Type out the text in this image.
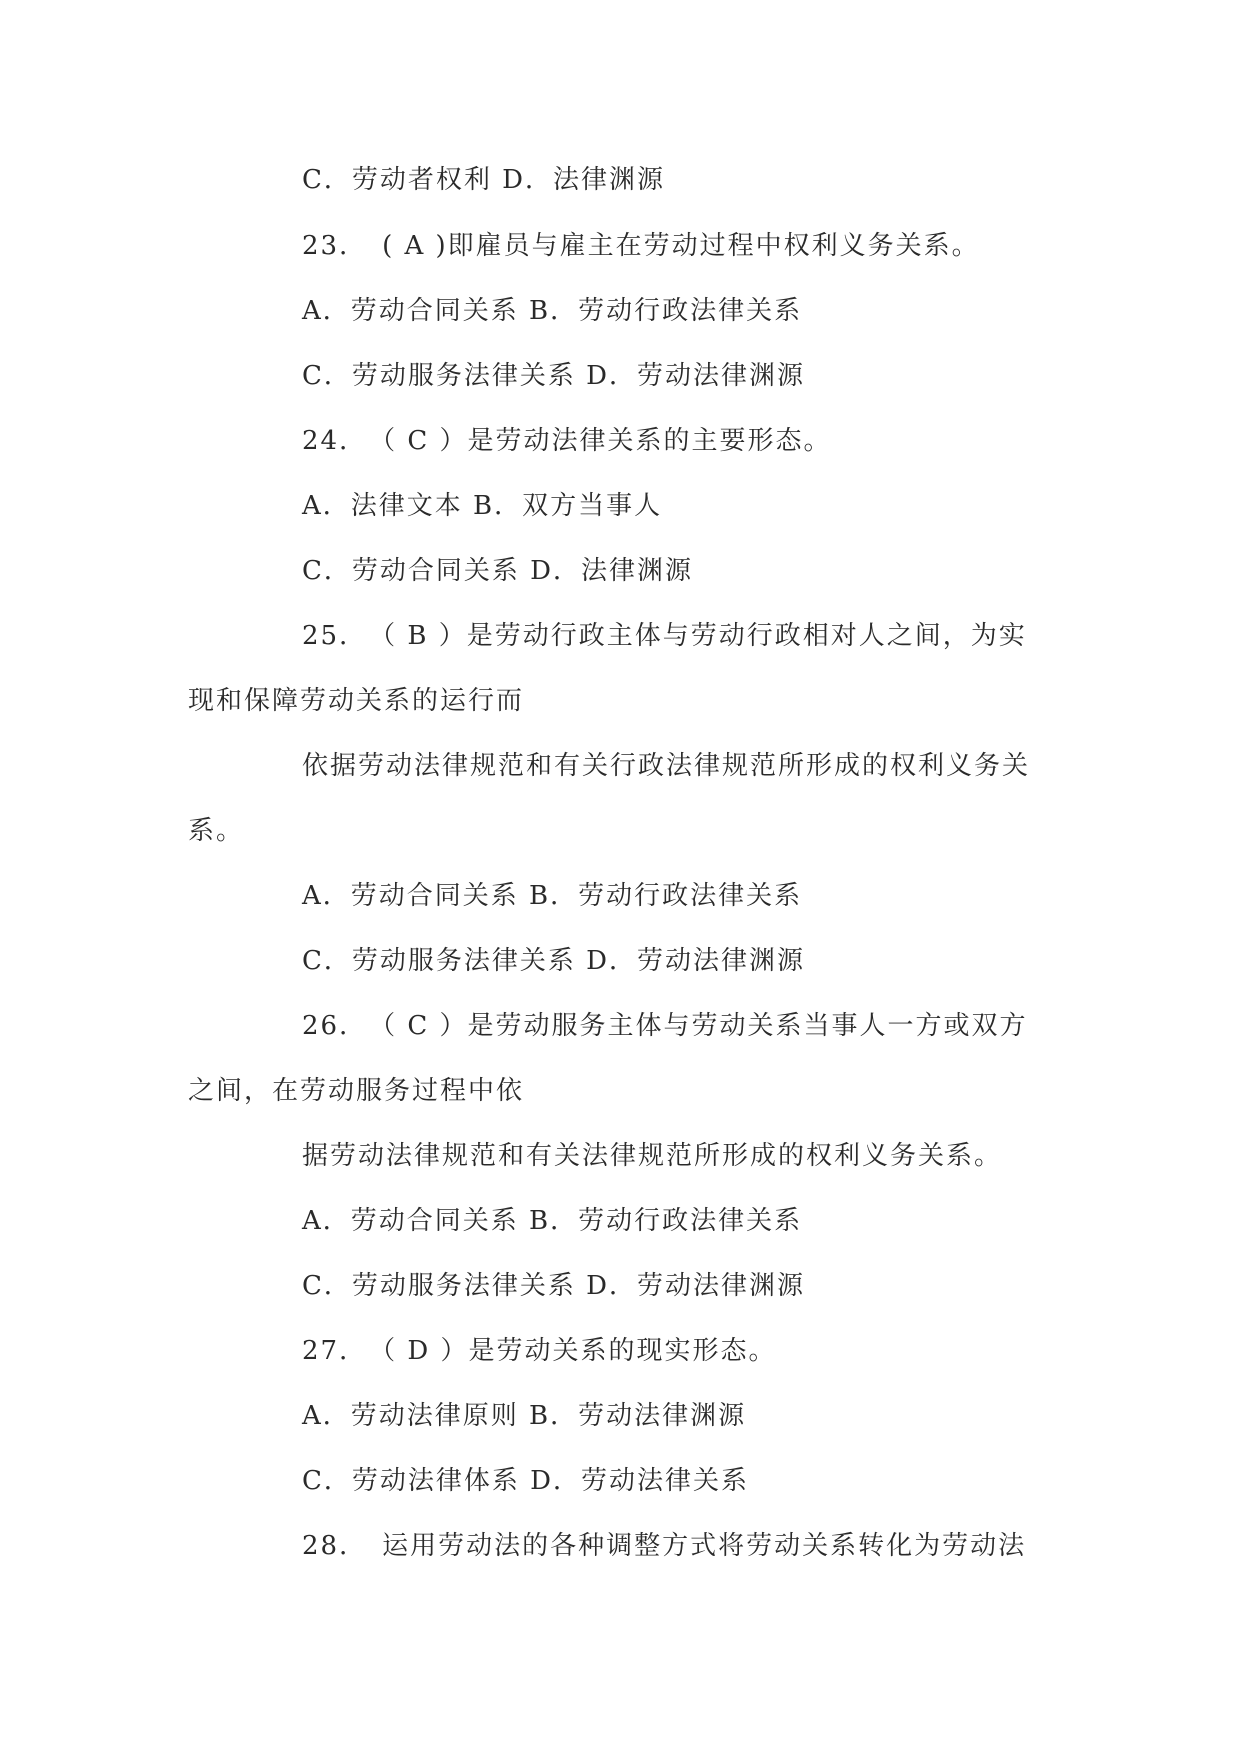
C．劳动者权利 D．法律渊源
23．　( A )即雇员与雇主在劳动过程中权利义务关系。
A．劳动合同关系 B．劳动行政法律关系
C．劳动服务法律关系 D．劳动法律渊源
24．　（ C ）是劳动法律关系的主要形态。
A．法律文本 B．双方当事人
C．劳动合同关系 D．法律渊源
25．　（ B ）是劳动行政主体与劳动行政相对人之间，为实
现和保障劳动关系的运行而
依据劳动法律规范和有关行政法律规范所形成的权利义务关
系。
A．劳动合同关系 B．劳动行政法律关系
C．劳动服务法律关系 D．劳动法律渊源
26．　（ C ）是劳动服务主体与劳动关系当事人一方或双方
之间，在劳动服务过程中依
据劳动法律规范和有关法律规范所形成的权利义务关系。
A．劳动合同关系 B．劳动行政法律关系
C．劳动服务法律关系 D．劳动法律渊源
27．　（ D ）是劳动关系的现实形态。
A．劳动法律原则 B．劳动法律渊源
C．劳动法律体系 D．劳动法律关系
28．　运用劳动法的各种调整方式将劳动关系转化为劳动法
